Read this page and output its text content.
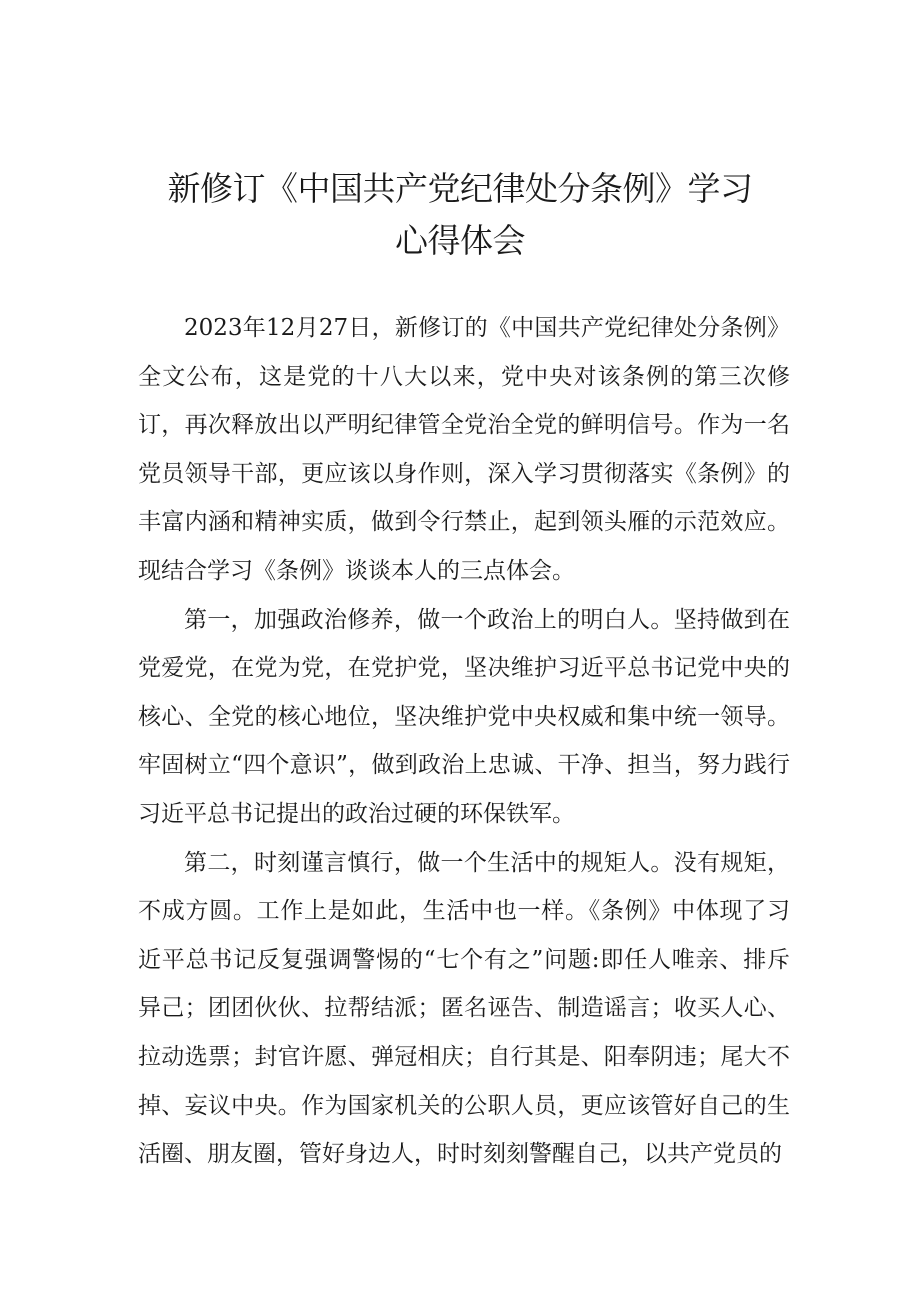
新修订《中国共产党纪律处分条例》学习
心得体会

2023年12月27日，新修订的《中国共产党纪律处分条例》全文公布，这是党的十八大以来，党中央对该条例的第三次修订，再次释放出以严明纪律管全党治全党的鲜明信号。作为一名党员领导干部，更应该以身作则，深入学习贯彻落实《条例》的丰富内涵和精神实质，做到令行禁止，起到领头雁的示范效应。现结合学习《条例》谈谈本人的三点体会。

第一，加强政治修养，做一个政治上的明白人。坚持做到在党爱党，在党为党，在党护党，坚决维护习近平总书记党中央的核心、全党的核心地位，坚决维护党中央权威和集中统一领导。牢固树立“四个意识”，做到政治上忠诚、干净、担当，努力践行习近平总书记提出的政治过硬的环保铁军。

第二，时刻谨言慎行，做一个生活中的规矩人。没有规矩，不成方圆。工作上是如此，生活中也一样。《条例》中体现了习近平总书记反复强调警惕的“七个有之”问题:即任人唯亲、排斥异己；团团伙伙、拉帮结派；匿名诬告、制造谣言；收买人心、拉动选票；封官许愿、弹冠相庆；自行其是、阳奉阴违；尾大不掉、妄议中央。作为国家机关的公职人员，更应该管好自己的生活圈、朋友圈，管好身边人，时时刻刻警醒自己，以共产党员的
